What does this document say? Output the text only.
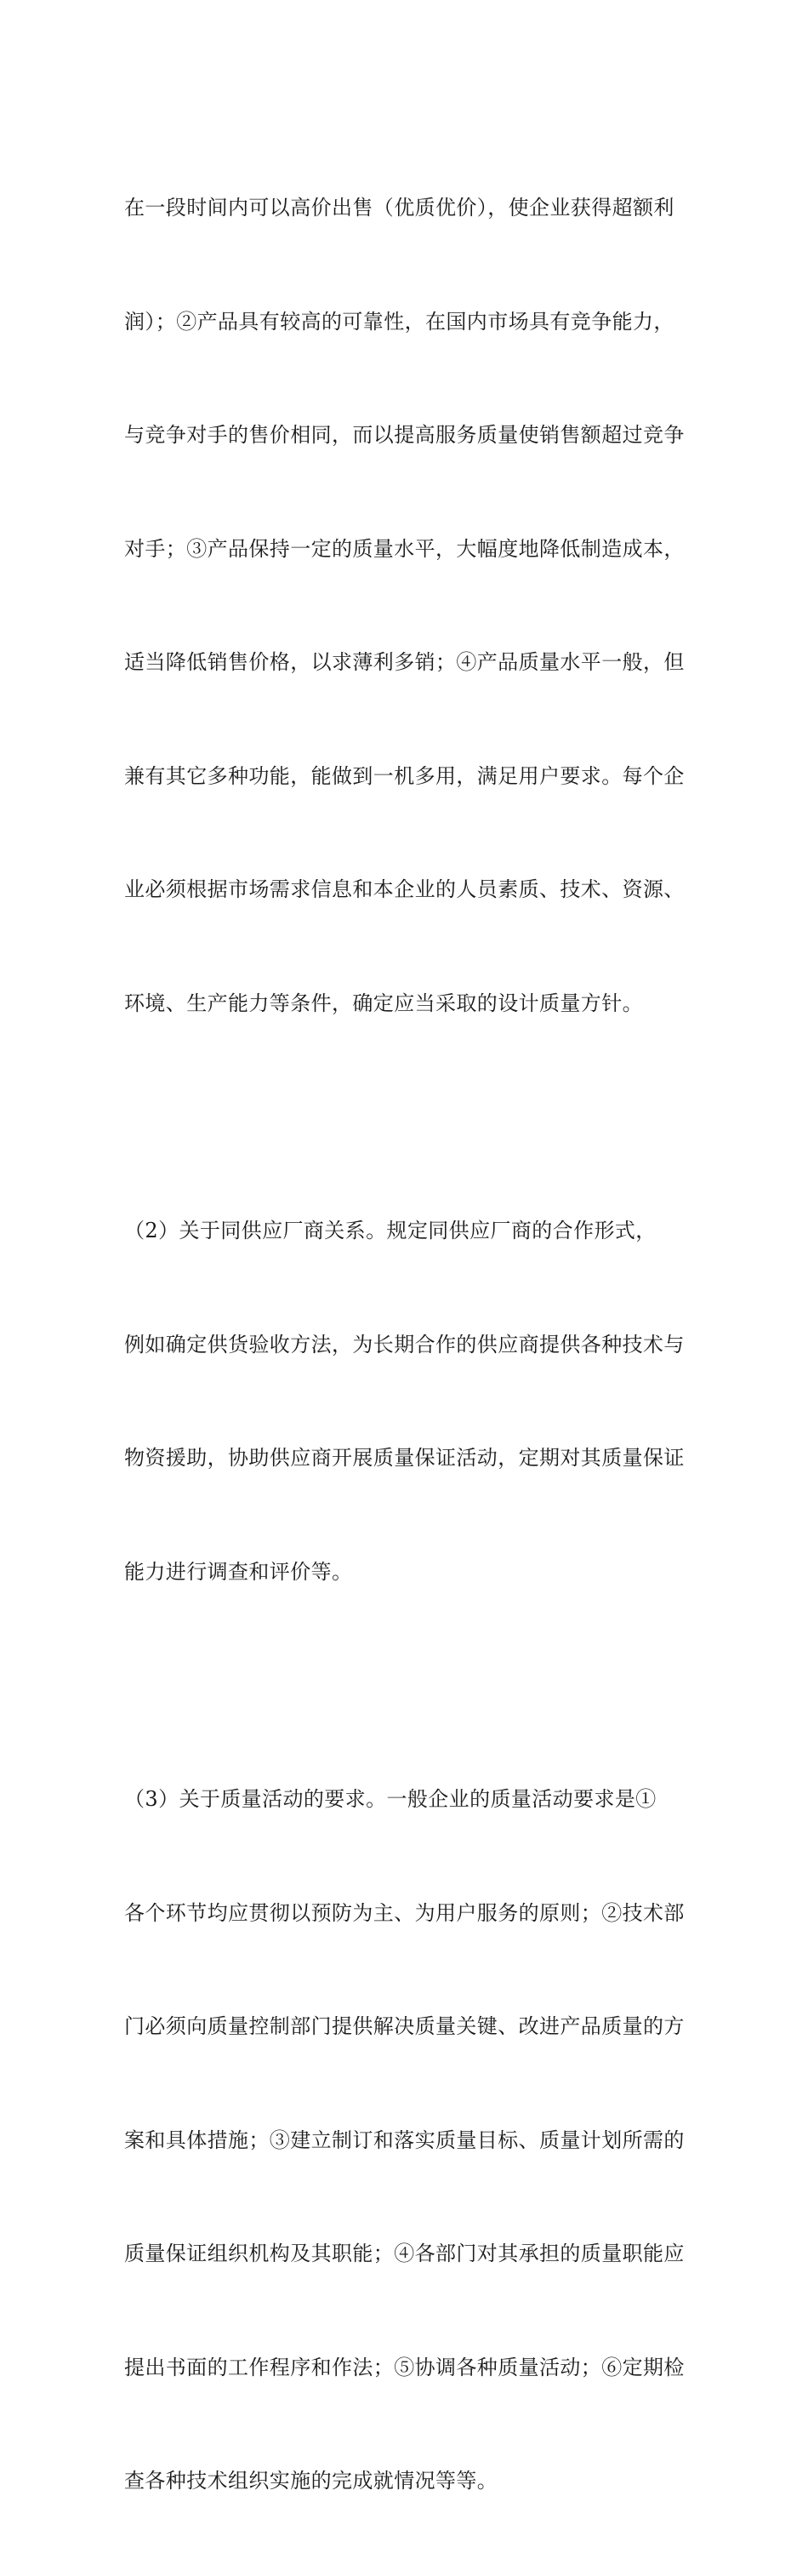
在一段时间内可以高价出售（优质优价），使企业获得超额利

润）；②产品具有较高的可靠性，在国内市场具有竞争能力，

与竞争对手的售价相同，而以提高服务质量使销售额超过竞争

对手；③产品保持一定的质量水平，大幅度地降低制造成本，

适当降低销售价格，以求薄利多销；④产品质量水平一般，但

兼有其它多种功能，能做到一机多用，满足用户要求。每个企

业必须根据市场需求信息和本企业的人员素质、技术、资源、

环境、生产能力等条件，确定应当采取的设计质量方针。

（2）关于同供应厂商关系。规定同供应厂商的合作形式，

例如确定供货验收方法，为长期合作的供应商提供各种技术与

物资援助，协助供应商开展质量保证活动，定期对其质量保证

能力进行调查和评价等。

（3）关于质量活动的要求。一般企业的质量活动要求是①

各个环节均应贯彻以预防为主、为用户服务的原则；②技术部

门必须向质量控制部门提供解决质量关键、改进产品质量的方

案和具体措施；③建立制订和落实质量目标、质量计划所需的

质量保证组织机构及其职能；④各部门对其承担的质量职能应

提出书面的工作程序和作法；⑤协调各种质量活动；⑥定期检

查各种技术组织实施的完成就情况等等。
